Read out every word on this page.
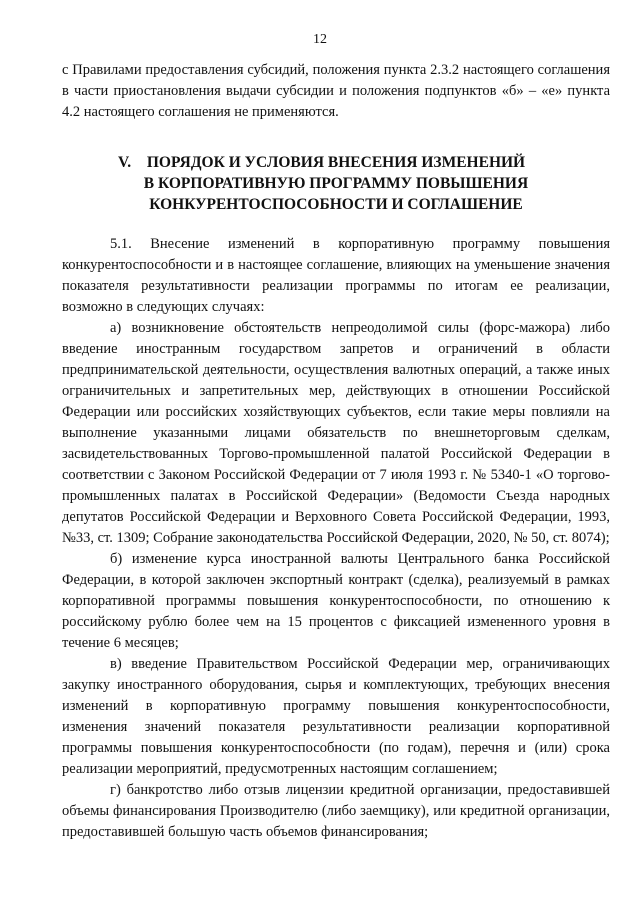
12

с Правилами предоставления субсидий, положения пункта 2.3.2 настоящего соглашения в части приостановления выдачи субсидии и положения подпунктов «б» – «е» пункта 4.2 настоящего соглашения не применяются.

V.	ПОРЯДОК И УСЛОВИЯ ВНЕСЕНИЯ ИЗМЕНЕНИЙ
В КОРПОРАТИВНУЮ ПРОГРАММУ ПОВЫШЕНИЯ
КОНКУРЕНТОСПОСОБНОСТИ И СОГЛАШЕНИЕ

5.1. Внесение изменений в корпоративную программу повышения конкурентоспособности и в настоящее соглашение, влияющих на уменьшение значения показателя результативности реализации программы по итогам ее реализации, возможно в следующих случаях:

а) возникновение обстоятельств непреодолимой силы (форс-мажора) либо введение иностранным государством запретов и ограничений в области предпринимательской деятельности, осуществления валютных операций, а также иных ограничительных и запретительных мер, действующих в отношении Российской Федерации или российских хозяйствующих субъектов, если такие меры повлияли на выполнение указанными лицами обязательств по внешнеторговым сделкам, засвидетельствованных Торгово-промышленной палатой Российской Федерации в соответствии с Законом Российской Федерации от 7 июля 1993 г. № 5340-1 «О торгово-промышленных палатах в Российской Федерации» (Ведомости Съезда народных депутатов Российской Федерации и Верховного Совета Российской Федерации, 1993, №33, ст. 1309; Собрание законодательства Российской Федерации, 2020, № 50, ст. 8074);

б) изменение курса иностранной валюты Центрального банка Российской Федерации, в которой заключен экспортный контракт (сделка), реализуемый в рамках корпоративной программы повышения конкурентоспособности, по отношению к российскому рублю более чем на 15 процентов с фиксацией измененного уровня в течение 6 месяцев;

в) введение Правительством Российской Федерации мер, ограничивающих закупку иностранного оборудования, сырья и комплектующих, требующих внесения изменений в корпоративную программу повышения конкурентоспособности, изменения значений показателя результативности реализации корпоративной программы повышения конкурентоспособности (по годам), перечня и (или) срока реализации мероприятий, предусмотренных настоящим соглашением;

г) банкротство либо отзыв лицензии кредитной организации, предоставившей объемы финансирования Производителю (либо заемщику), или кредитной организации, предоставившей большую часть объемов финансирования;
